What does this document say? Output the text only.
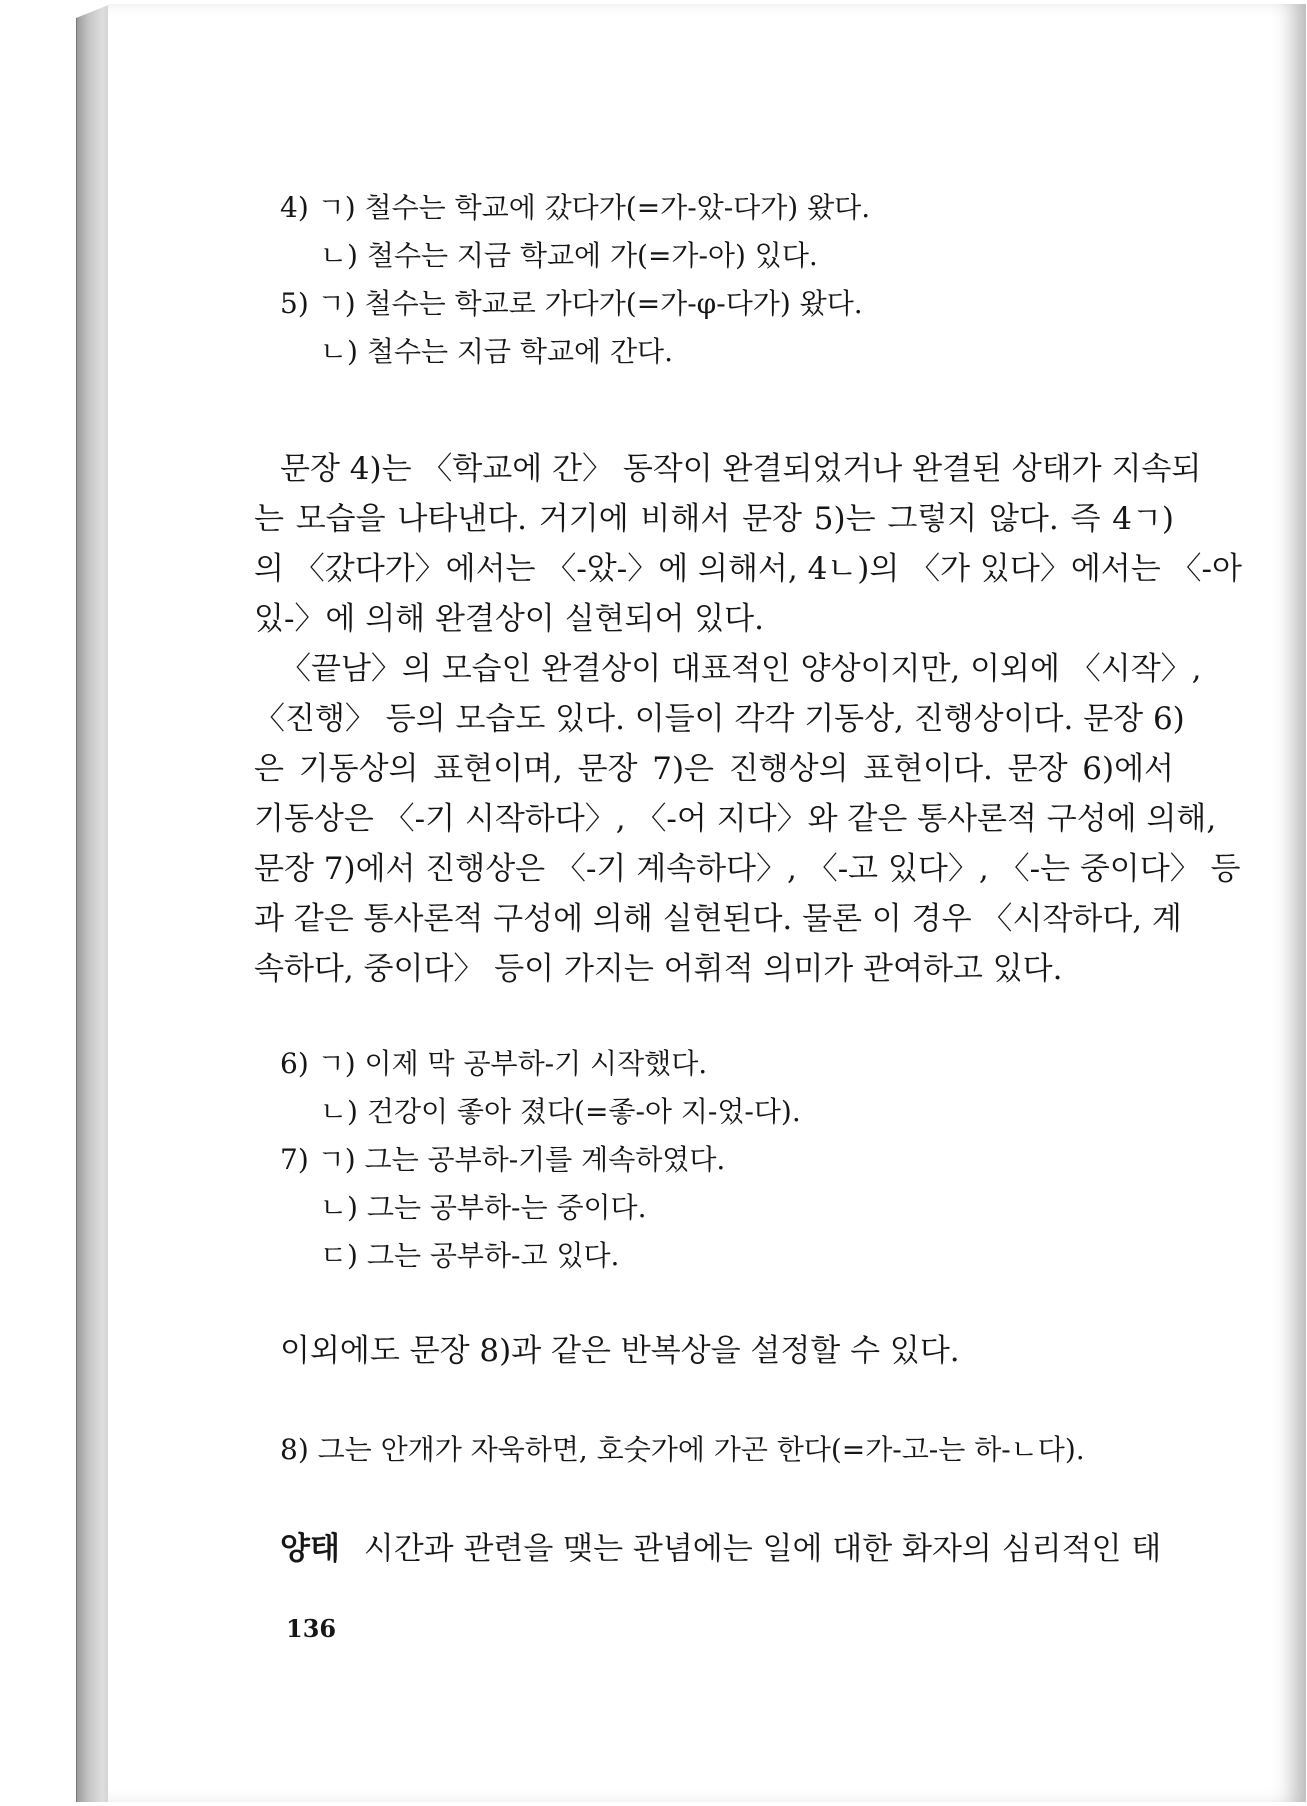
4) ㄱ) 철수는 학교에 갔다가(=가-았-다가) 왔다.
ㄴ) 철수는 지금 학교에 가(=가-아) 있다.
5) ㄱ) 철수는 학교로 가다가(=가-φ-다가) 왔다.
ㄴ) 철수는 지금 학교에 간다.
문장 4)는 〈학교에 간〉 동작이 완결되었거나 완결된 상태가 지속되
는 모습을 나타낸다. 거기에 비해서 문장 5)는 그렇지 않다. 즉 4ㄱ)
의 〈갔다가〉에서는 〈-았-〉에 의해서, 4ㄴ)의 〈가 있다〉에서는 〈-아
있-〉에 의해 완결상이 실현되어 있다.
〈끝남〉의 모습인 완결상이 대표적인 양상이지만, 이외에 〈시작〉,
〈진행〉 등의 모습도 있다. 이들이 각각 기동상, 진행상이다. 문장 6)
은 기동상의 표현이며, 문장 7)은 진행상의 표현이다. 문장 6)에서
기동상은 〈-기 시작하다〉, 〈-어 지다〉와 같은 통사론적 구성에 의해,
문장 7)에서 진행상은 〈-기 계속하다〉, 〈-고 있다〉, 〈-는 중이다〉 등
과 같은 통사론적 구성에 의해 실현된다. 물론 이 경우 〈시작하다, 계
속하다, 중이다〉 등이 가지는 어휘적 의미가 관여하고 있다.
6) ㄱ) 이제 막 공부하-기 시작했다.
ㄴ) 건강이 좋아 졌다(=좋-아 지-었-다).
7) ㄱ) 그는 공부하-기를 계속하였다.
ㄴ) 그는 공부하-는 중이다.
ㄷ) 그는 공부하-고 있다.
이외에도 문장 8)과 같은 반복상을 설정할 수 있다.
8) 그는 안개가 자욱하면, 호숫가에 가곤 한다(=가-고-는 하-ㄴ다).
양태 시간과 관련을 맺는 관념에는 일에 대한 화자의 심리적인 태
136
